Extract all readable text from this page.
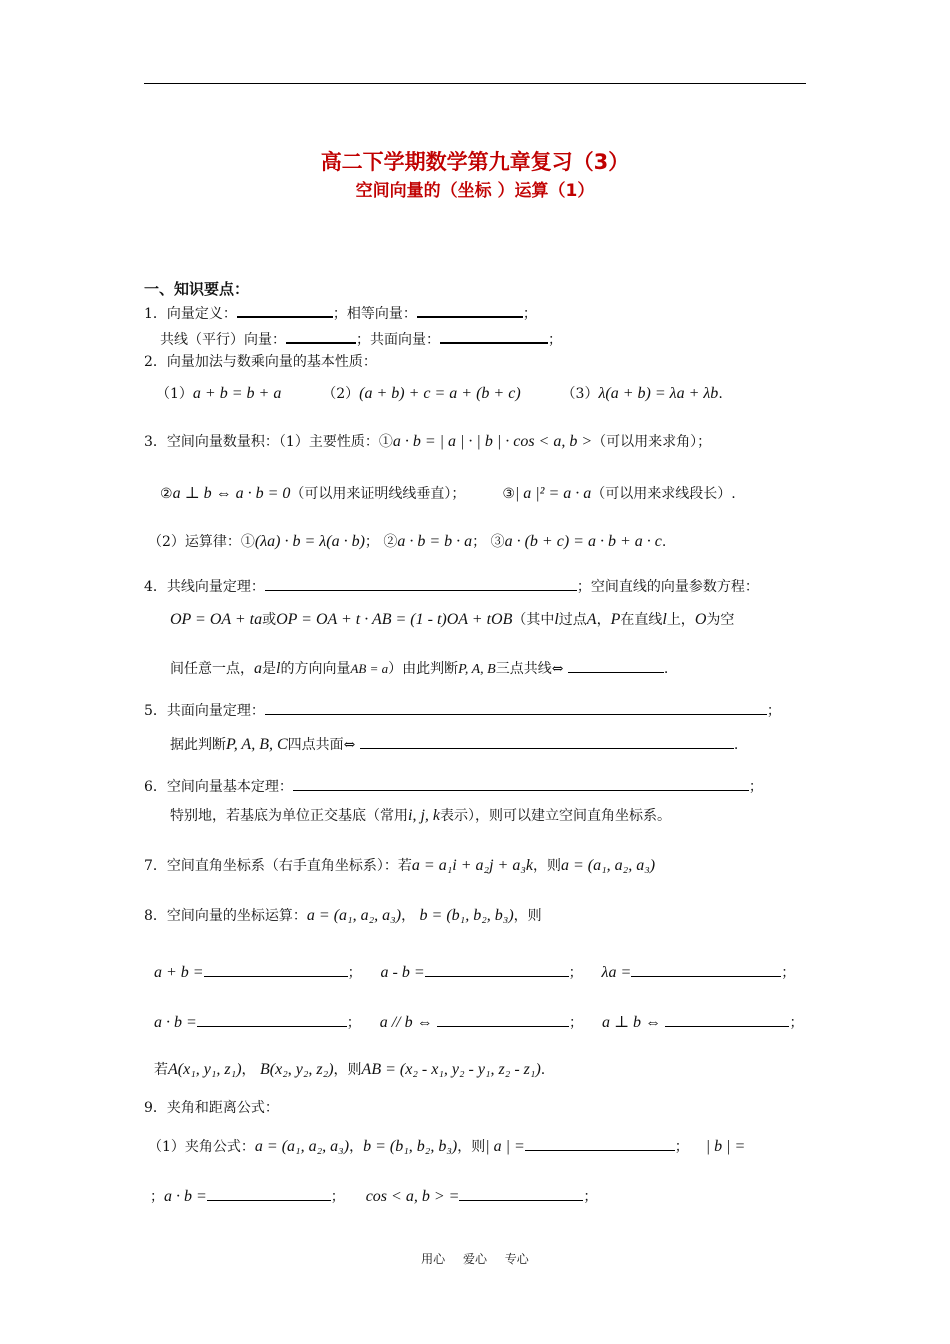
高二下学期数学第九章复习（3）
空间向量的（坐标 ）运算（1）
一、知识要点：
1．向量定义：	；相等向量：	；
共线（平行）向量：	；共面向量：	；
2．向量加法与数乘向量的基本性质：
（1）a + b = b + a	（2）(a + b) + c = a + (b + c)	（3）λ(a + b) = λa + λb.
3．空间向量数量积：（1）主要性质：①a · b = | a | · | b | · cos < a, b >（可以用来求角）；
②a ⊥ b ⇔ a · b = 0（可以用来证明线线垂直）；	③| a |² = a · a（可以用来求线段长）.
（2）运算律：①(λa) · b = λ(a · b)； ②a · b = b · a； ③a · (b + c) = a · b + a · c.
4．共线向量定理：	；空间直线的向量参数方程：
OP = OA + ta或OP = OA + t · AB = (1 - t)OA + tOB（其中l过点A，P在直线l上，O为空
间任意一点，a是l的方向向量AB = a）由此判断P, A, B三点共线⇔	.
5．共面向量定理：	；
据此判断P, A, B, C四点共面⇔	.
6．空间向量基本定理：	；
特别地，若基底为单位正交基底（常用i, j, k表示），则可以建立空间直角坐标系。
7．空间直角坐标系（右手直角坐标系）：若a = a₁i + a₂j + a₃k，则a = (a₁, a₂, a₃)
8．空间向量的坐标运算：a = (a₁, a₂, a₃)， b = (b₁, b₂, b₃)，则
a + b =	； a - b =	； λa =	；
a · b =	； a // b ⇔	； a ⊥ b ⇔	；
若A(x₁, y₁, z₁)， B(x₂, y₂, z₂)，则AB = (x₂ - x₁, y₂ - y₁, z₂ - z₁).
9．夹角和距离公式：
（1）夹角公式：a = (a₁, a₂, a₃)，b = (b₁, b₂, b₃)，则| a | =	； | b | =
；a · b =	； cos < a, b > =	；
用心 爱心 专心
